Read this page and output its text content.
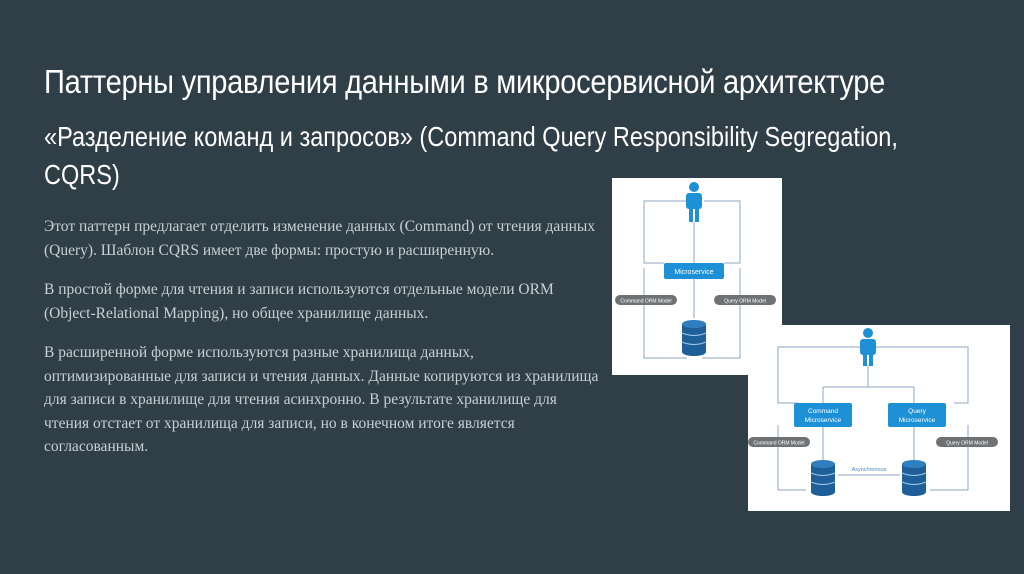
Паттерны управления данными в микросервисной архитектуре
«Разделение команд и запросов» (Command Query Responsibility Segregation, CQRS)

Этот паттерн предлагает отделить изменение данных (Command) от чтения данных (Query). Шаблон CQRS имеет две формы: простую и расширенную.

В простой форме для чтения и записи используются отдельные модели ORM (Object-Relational Mapping), но общее хранилище данных.

В расширенной форме используются разные хранилища данных, оптимизированные для записи и чтения данных. Данные копируются из хранилища для записи в хранилище для чтения асинхронно. В результате хранилище для чтения отстает от хранилища для записи, но в конечном итоге является согласованным.

Microservice
Command ORM Model	Query ORM Model
Command
Microservice
Query
Microservice
Command ORM Model	Query ORM Model
Asynchronous
